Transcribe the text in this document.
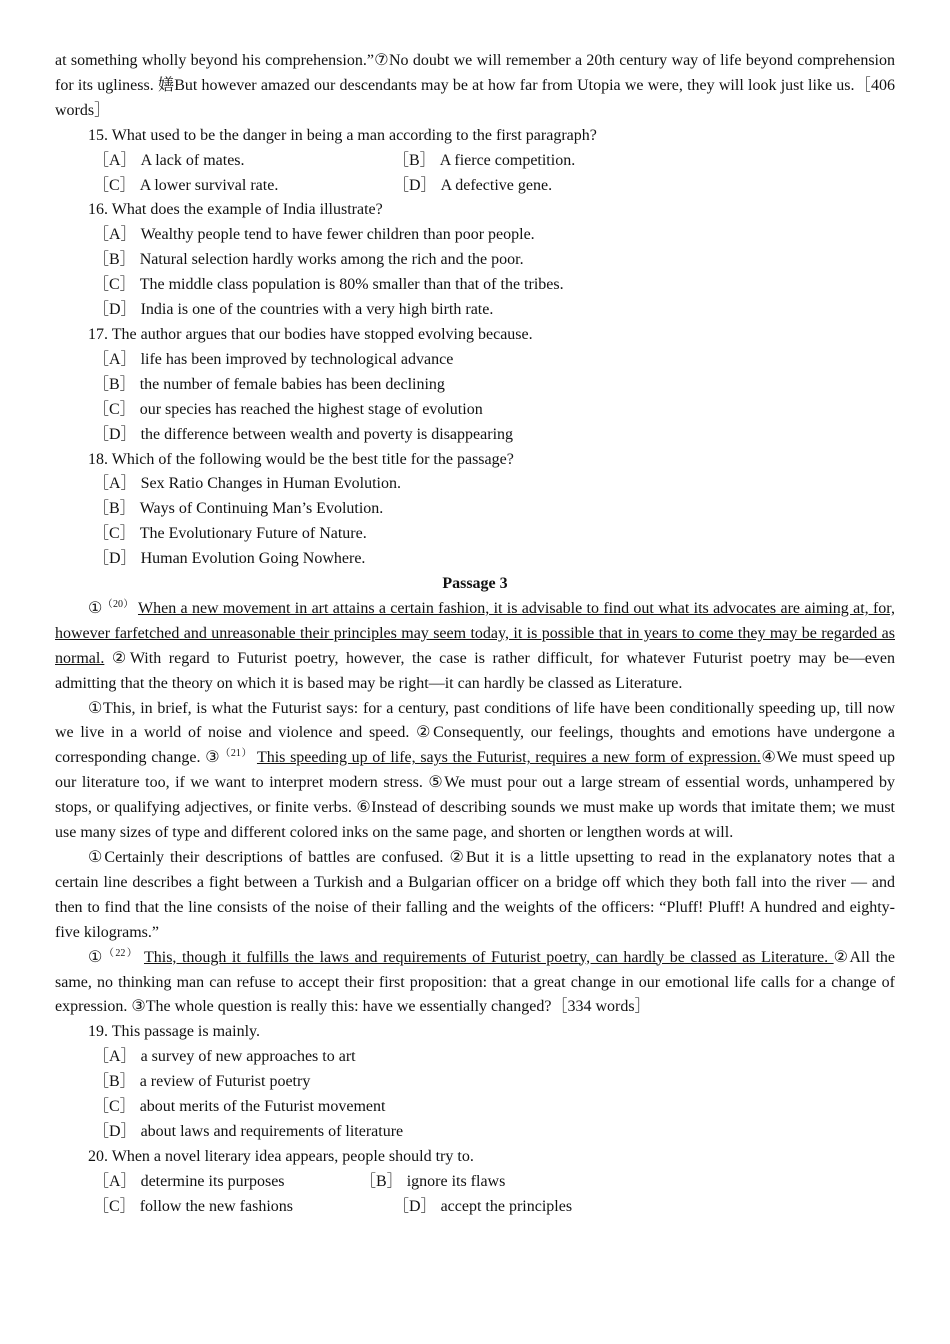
at something wholly beyond his comprehension.”⑦No doubt we will remember a 20th century way of life beyond comprehension for its ugliness. 嫸But however amazed our descendants may be at how far from Utopia we were, they will look just like us.［406 words］

15. What used to be the danger in being a man according to the first paragraph?

［A］ A lack of mates.	［B］ A fierce competition.
［C］ A lower survival rate.	［D］ A defective gene.

16. What does the example of India illustrate?

［A］ Wealthy people tend to have fewer children than poor people.

［B］ Natural selection hardly works among the rich and the poor.

［C］ The middle class population is 80% smaller than that of the tribes.

［D］ India is one of the countries with a very high birth rate.

17. The author argues that our bodies have stopped evolving because.

［A］ life has been improved by technological advance

［B］ the number of female babies has been declining

［C］ our species has reached the highest stage of evolution

［D］ the difference between wealth and poverty is disappearing

18. Which of the following would be the best title for the passage?

［A］ Sex Ratio Changes in Human Evolution.

［B］ Ways of Continuing Man’s Evolution.

［C］ The Evolutionary Future of Nature.

［D］ Human Evolution Going Nowhere.

Passage 3

①$^{(20)}$ When a new movement in art attains a certain fashion, it is advisable to find out what its advocates are aiming at, for, however farfetched and unreasonable their principles may seem today, it is possible that in years to come they may be regarded as normal. ②With regard to Futurist poetry, however, the case is rather difficult, for whatever Futurist poetry may be—even admitting that the theory on which it is based may be right—it can hardly be classed as Literature.

①This, in brief, is what the Futurist says: for a century, past conditions of life have been conditionally speeding up, till now we live in a world of noise and violence and speed. ②Consequently, our feelings, thoughts and emotions have undergone a corresponding change. ③$^{(21)}$ This speeding up of life, says the Futurist, requires a new form of expression.④We must speed up our literature too, if we want to interpret modern stress. ⑤We must pour out a large stream of essential words, unhampered by stops, or qualifying adjectives, or finite verbs. ⑥Instead of describing sounds we must make up words that imitate them; we must use many sizes of type and different colored inks on the same page, and shorten or lengthen words at will.

①Certainly their descriptions of battles are confused. ②But it is a little upsetting to read in the explanatory notes that a certain line describes a fight between a Turkish and a Bulgarian officer on a bridge off which they both fall into the river — and then to find that the line consists of the noise of their falling and the weights of the officers: “Pluff! Pluff! A hundred and eighty-five kilograms.”

①$^{(22)}$ This, though it fulfills the laws and requirements of Futurist poetry, can hardly be classed as Literature. ②All the same, no thinking man can refuse to accept their first proposition: that a great change in our emotional life calls for a change of expression. ③The whole question is really this: have we essentially changed?［334 words］

19. This passage is mainly.

［A］ a survey of new approaches to art

［B］ a review of Futurist poetry

［C］ about merits of the Futurist movement

［D］ about laws and requirements of literature

20. When a novel literary idea appears, people should try to.

［A］ determine its purposes	［B］ ignore its flaws
［C］ follow the new fashions	［D］ accept the principles
